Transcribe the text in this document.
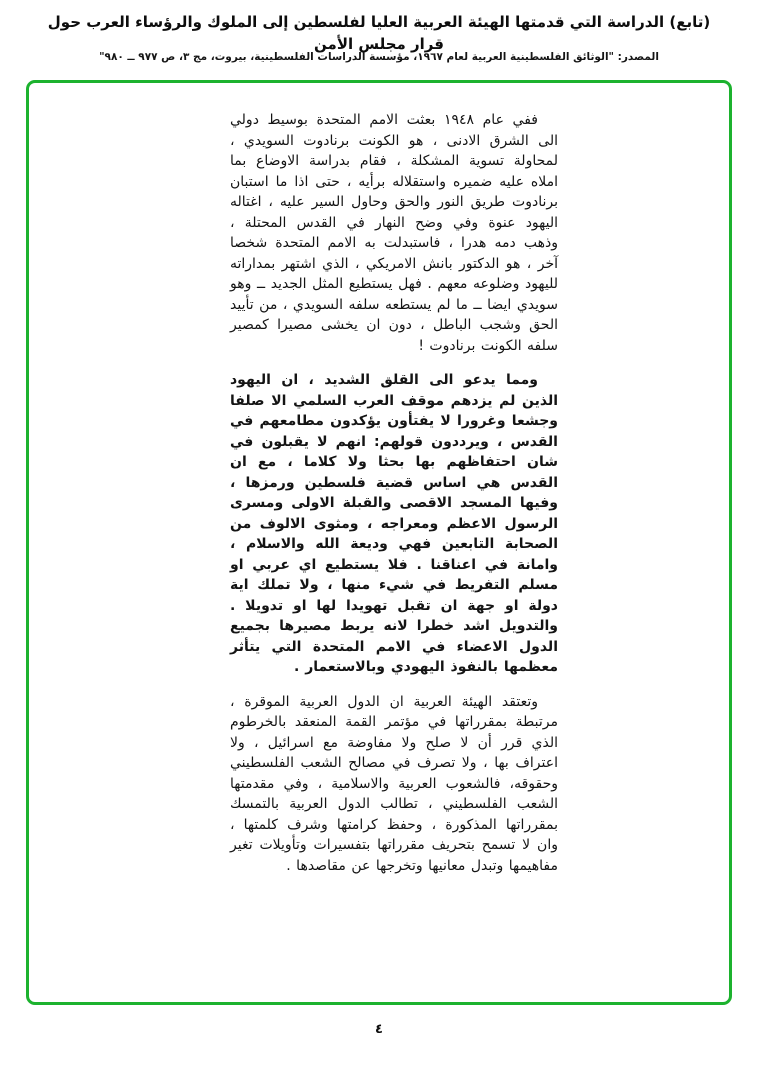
(تابع) الدراسة التي قدمتها الهيئة العربية العليا لفلسطين إلى الملوك والرؤساء العرب حول قرار مجلس الأمن
المصدر: "الوثائق الفلسطينية العربية لعام ١٩٦٧، مؤسسة الدراسات الفلسطينية، بيروت، مج ٣، ص ٩٧٧ ــ ٩٨٠"

ففي عام ١٩٤٨ بعثت الامم المتحدة بوسيط دولي الى الشرق الادنى ، هو الكونت برنادوت السويدي ، لمحاولة تسوية المشكلة ، فقام بدراسة الاوضاع بما املاه عليه ضميره واستقلاله برأيه ، حتى اذا ما استبان برنادوت طريق النور والحق وحاول السير عليه ، اغتاله اليهود عنوة وفي وضح النهار في القدس المحتلة ، وذهب دمه هدرا ، فاستبدلت به الامم المتحدة شخصا آخر ، هو الدكتور بانش الامريكي ، الذي اشتهر بمداراته لليهود وضلوعه معهم . فهل يستطيع المثل الجديد ــ وهو سويدي ايضا ــ ما لم يستطعه سلفه السويدي ، من تأييد الحق وشجب الباطل ، دون ان يخشى مصيرا كمصير سلفه الكونت برنادوت !

ومما يدعو الى القلق الشديد ، ان اليهود الذين لم يزدهم موقف العرب السلمي الا صلفا وجشعا وغرورا لا يفتأون يؤكدون مطامعهم في القدس ، ويرددون قولهم: انهم لا يقبلون في شان احتفاظهم بها بحثا ولا كلاما ، مع ان القدس هي اساس قضية فلسطين ورمزها ، وفيها المسجد الاقصى والقبلة الاولى ومسرى الرسول الاعظم ومعراجه ، ومثوى الالوف من الصحابة التابعين فهي وديعة الله والاسلام ، وامانة في اعناقنا . فلا يستطيع اي عربي او مسلم التفريط في شيء منها ، ولا تملك اية دولة او جهة ان تقبل تهويدا لها او تدويلا . والتدويل اشد خطرا لانه يربط مصيرها بجميع الدول الاعضاء في الامم المتحدة التي يتأثر معظمها بالنفوذ اليهودي وبالاستعمار .

وتعتقد الهيئة العربية ان الدول العربية الموقرة ، مرتبطة بمقرراتها في مؤتمر القمة المنعقد بالخرطوم الذي قرر أن لا صلح ولا مفاوضة مع اسرائيل ، ولا اعتراف بها ، ولا تصرف في مصالح الشعب الفلسطيني وحقوقه، فالشعوب العربية والاسلامية ، وفي مقدمتها الشعب الفلسطيني ، تطالب الدول العربية بالتمسك بمقرراتها المذكورة ، وحفظ كرامتها وشرف كلمتها ، وان لا تسمح بتحريف مقرراتها بتفسيرات وتأويلات تغير مفاهيمها وتبدل معانيها وتخرجها عن مقاصدها .

٤
